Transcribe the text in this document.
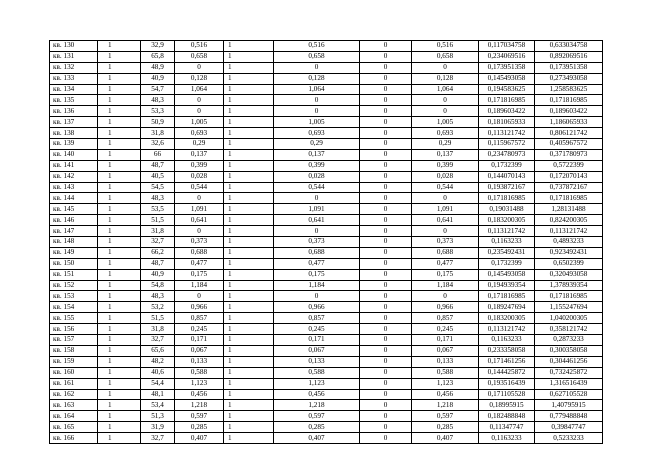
кв. 130	1	32,9	0,516	1	0,516	0	0,516	0,117034758	0,633034758
кв. 131	1	65,8	0,658	1	0,658	0	0,658	0,234069516	0,892069516
кв. 132	1	48,9	0	1	0	0	0	0,173951358	0,173951358
кв. 133	1	40,9	0,128	1	0,128	0	0,128	0,145493058	0,273493058
кв. 134	1	54,7	1,064	1	1,064	0	1,064	0,194583625	1,258583625
кв. 135	1	48,3	0	1	0	0	0	0,171816985	0,171816985
кв. 136	1	53,3	0	1	0	0	0	0,189603422	0,189603422
кв. 137	1	50,9	1,005	1	1,005	0	1,005	0,181065933	1,186065933
кв. 138	1	31,8	0,693	1	0,693	0	0,693	0,113121742	0,806121742
кв. 139	1	32,6	0,29	1	0,29	0	0,29	0,115967572	0,405967572
кв. 140	1	66	0,137	1	0,137	0	0,137	0,234780973	0,371780973
кв. 141	1	48,7	0,399	1	0,399	0	0,399	0,1732399	0,5722399
кв. 142	1	40,5	0,028	1	0,028	0	0,028	0,144070143	0,172070143
кв. 143	1	54,5	0,544	1	0,544	0	0,544	0,193872167	0,737872167
кв. 144	1	48,3	0	1	0	0	0	0,171816985	0,171816985
кв. 145	1	53,5	1,091	1	1,091	0	1,091	0,19031488	1,28131488
кв. 146	1	51,5	0,641	1	0,641	0	0,641	0,183200305	0,824200305
кв. 147	1	31,8	0	1	0	0	0	0,113121742	0,113121742
кв. 148	1	32,7	0,373	1	0,373	0	0,373	0,1163233	0,4893233
кв. 149	1	66,2	0,688	1	0,688	0	0,688	0,235492431	0,923492431
кв. 150	1	48,7	0,477	1	0,477	0	0,477	0,1732399	0,6502399
кв. 151	1	40,9	0,175	1	0,175	0	0,175	0,145493058	0,320493058
кв. 152	1	54,8	1,184	1	1,184	0	1,184	0,194939354	1,378939354
кв. 153	1	48,3	0	1	0	0	0	0,171816985	0,171816985
кв. 154	1	53,2	0,966	1	0,966	0	0,966	0,189247694	1,155247694
кв. 155	1	51,5	0,857	1	0,857	0	0,857	0,183200305	1,040200305
кв. 156	1	31,8	0,245	1	0,245	0	0,245	0,113121742	0,358121742
кв. 157	1	32,7	0,171	1	0,171	0	0,171	0,1163233	0,2873233
кв. 158	1	65,6	0,067	1	0,067	0	0,067	0,233358058	0,300358058
кв. 159	1	48,2	0,133	1	0,133	0	0,133	0,171461256	0,304461256
кв. 160	1	40,6	0,588	1	0,588	0	0,588	0,144425872	0,732425872
кв. 161	1	54,4	1,123	1	1,123	0	1,123	0,193516439	1,316516439
кв. 162	1	48,1	0,456	1	0,456	0	0,456	0,171105528	0,627105528
кв. 163	1	53,4	1,218	1	1,218	0	1,218	0,18995915	1,40795915
кв. 164	1	51,3	0,597	1	0,597	0	0,597	0,182488848	0,779488848
кв. 165	1	31,9	0,285	1	0,285	0	0,285	0,11347747	0,39847747
кв. 166	1	32,7	0,407	1	0,407	0	0,407	0,1163233	0,5233233
